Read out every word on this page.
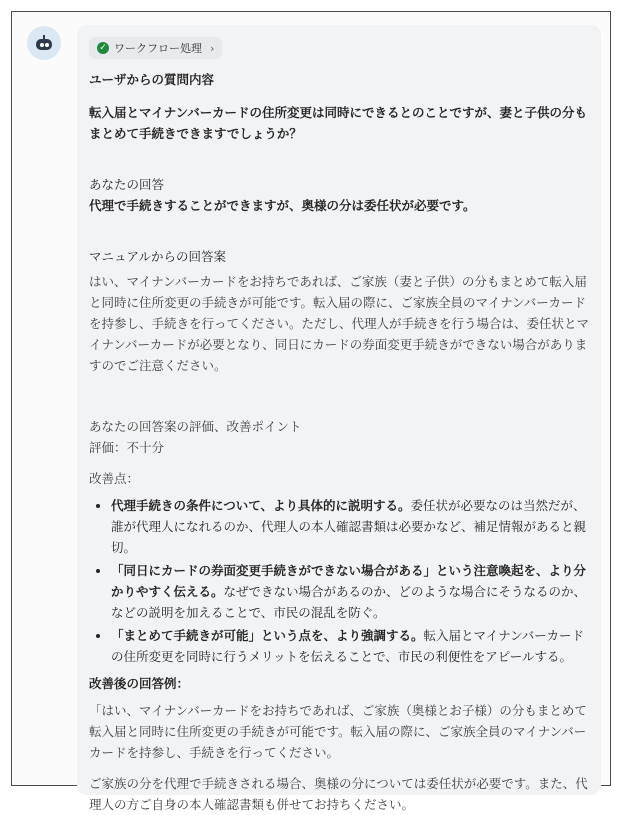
✓ ワークフロー処理 ›

ユーザからの質問内容

転入届とマイナンバーカードの住所変更は同時にできるとのことですが、妻と子供の分もまとめて手続きできますでしょうか？

あなたの回答

代理で手続きすることができますが、奥様の分は委任状が必要です。

マニュアルからの回答案

はい、マイナンバーカードをお持ちであれば、ご家族（妻と子供）の分もまとめて転入届と同時に住所変更の手続きが可能です。転入届の際に、ご家族全員のマイナンバーカードを持参し、手続きを行ってください。ただし、代理人が手続きを行う場合は、委任状とマイナンバーカードが必要となり、同日にカードの券面変更手続きができない場合がありますのでご注意ください。

あなたの回答案の評価、改善ポイント

評価：不十分

改善点：

• 代理手続きの条件について、より具体的に説明する。委任状が必要なのは当然だが、誰が代理人になれるのか、代理人の本人確認書類は必要かなど、補足情報があると親切。
• 「同日にカードの券面変更手続きができない場合がある」という注意喚起を、より分かりやすく伝える。なぜできない場合があるのか、どのような場合にそうなるのか、などの説明を加えることで、市民の混乱を防ぐ。
• 「まとめて手続きが可能」という点を、より強調する。転入届とマイナンバーカードの住所変更を同時に行うメリットを伝えることで、市民の利便性をアピールする。

改善後の回答例：

「はい、マイナンバーカードをお持ちであれば、ご家族（奥様とお子様）の分もまとめて転入届と同時に住所変更の手続きが可能です。転入届の際に、ご家族全員のマイナンバーカードを持参し、手続きを行ってください。

ご家族の分を代理で手続きされる場合、奥様の分については委任状が必要です。また、代理人の方ご自身の本人確認書類も併せてお持ちください。
